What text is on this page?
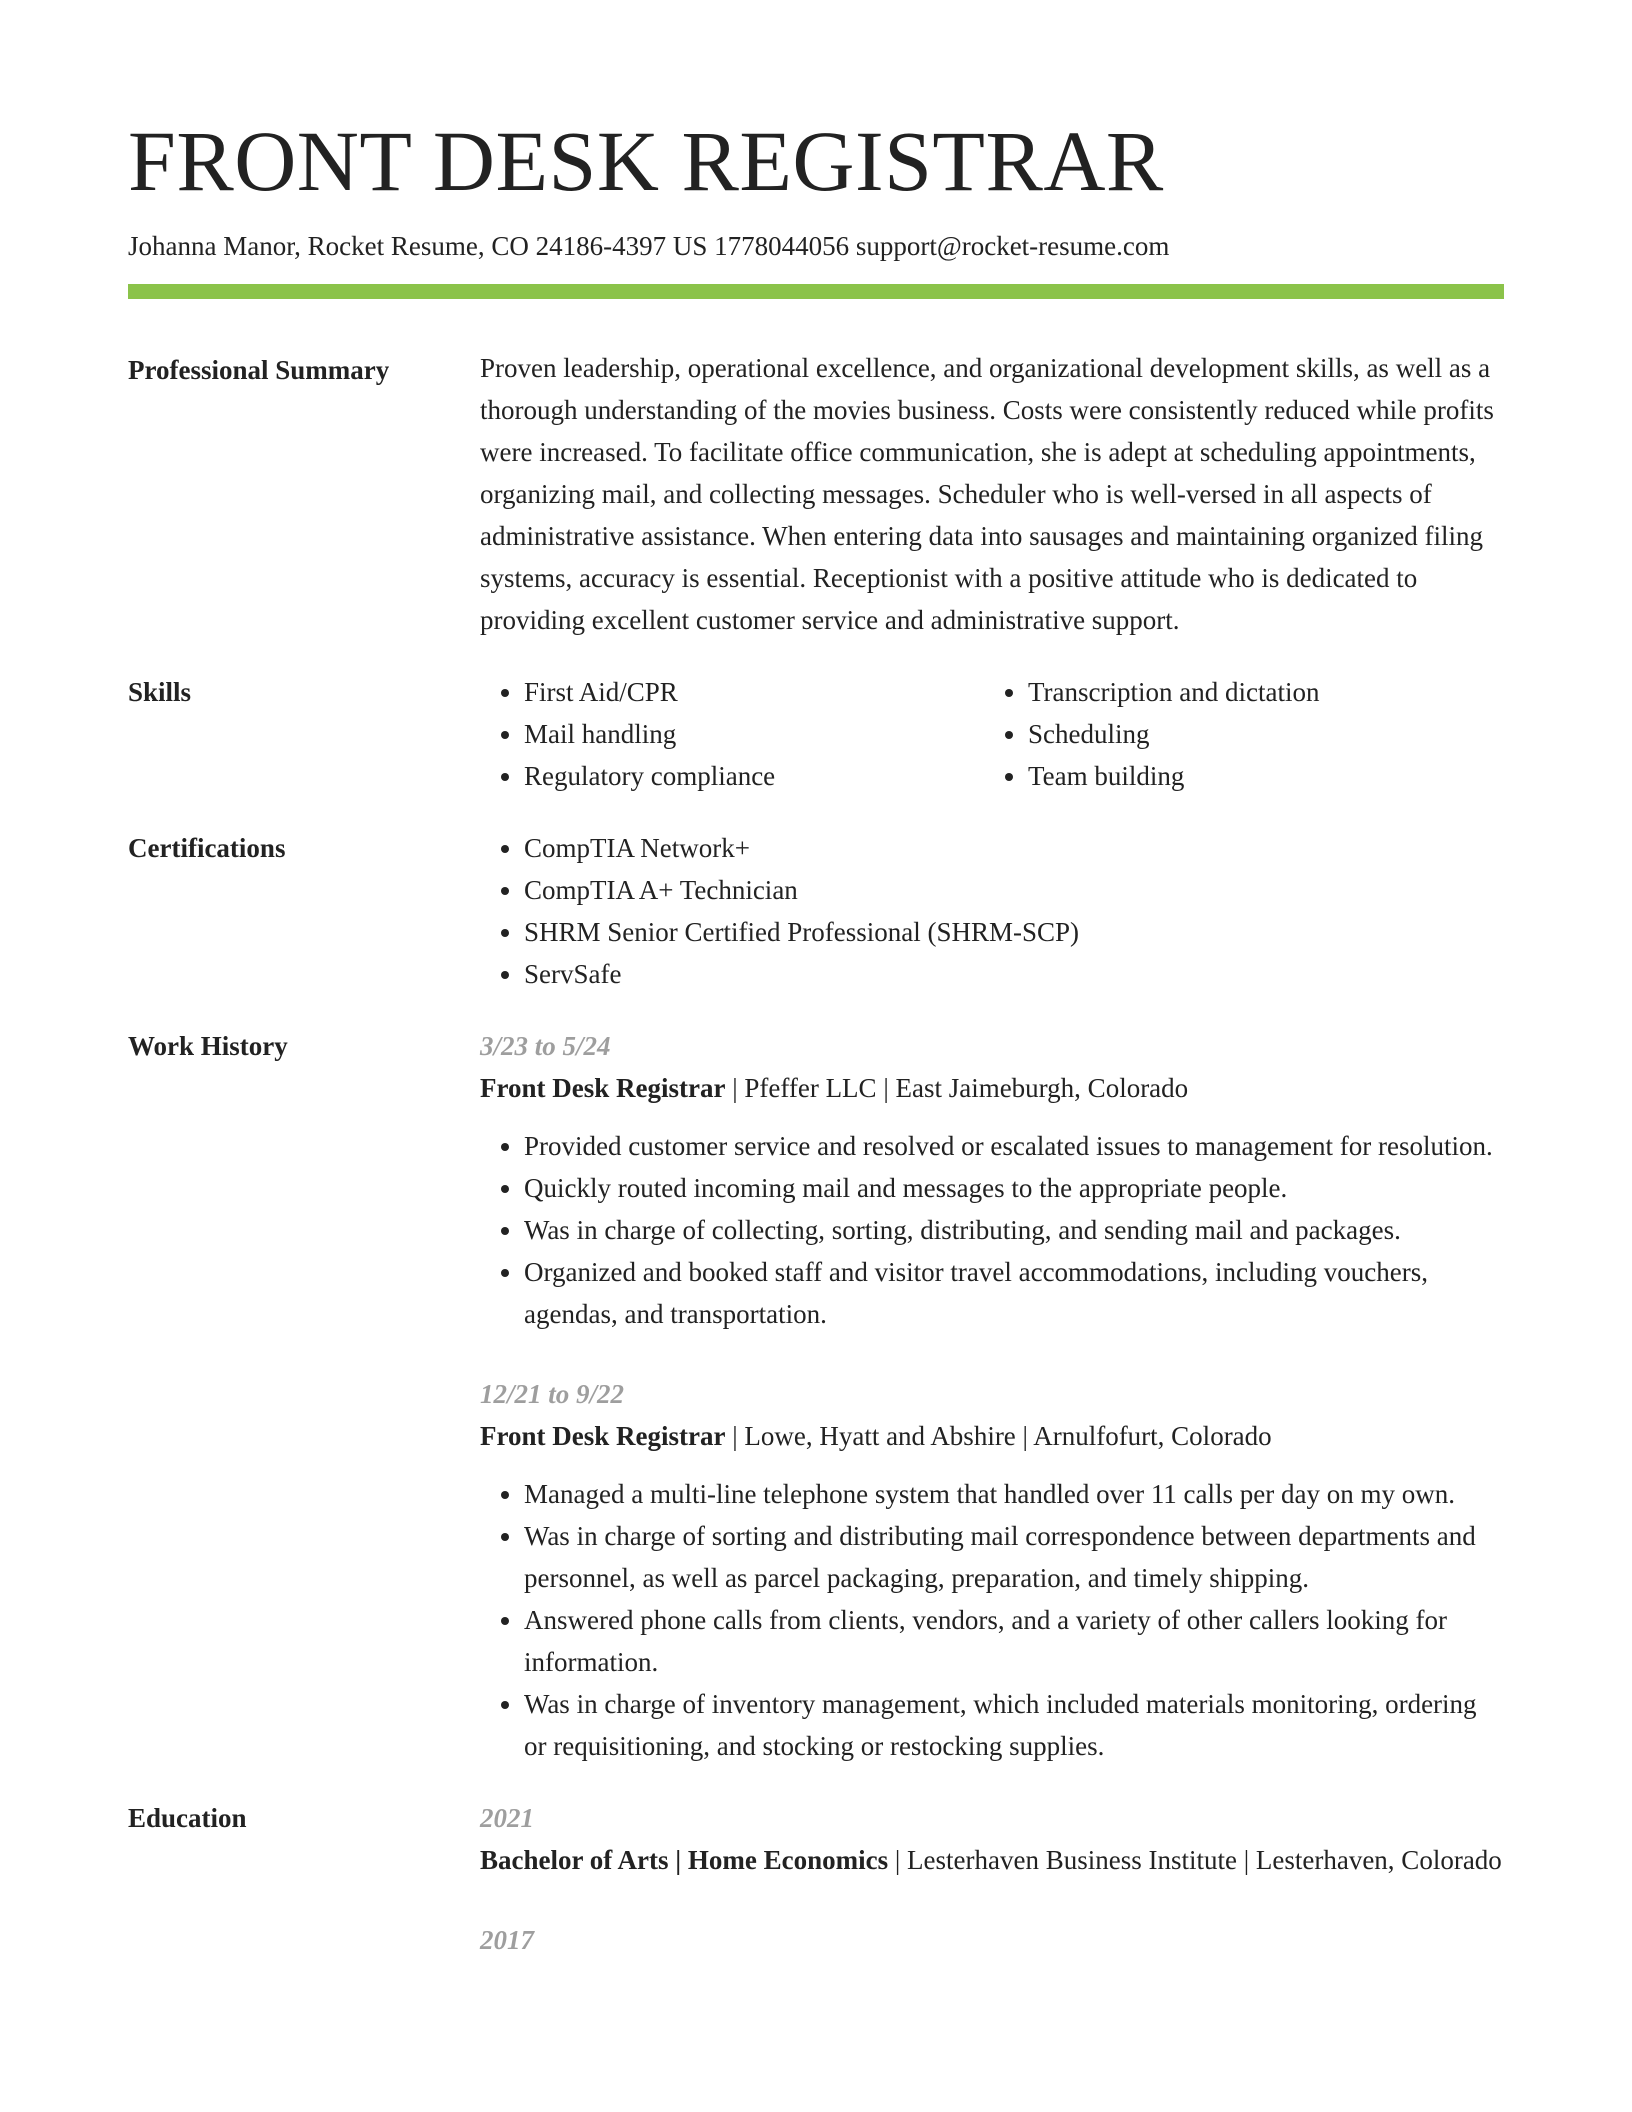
FRONT DESK REGISTRAR
Johanna Manor, Rocket Resume, CO 24186-4397 US 1778044056 support@rocket-resume.com
Professional Summary	Proven leadership, operational excellence, and organizational development skills, as well as a thorough understanding of the movies business. Costs were consistently reduced while profits were increased. To facilitate office communication, she is adept at scheduling appointments, organizing mail, and collecting messages. Scheduler who is well-versed in all aspects of administrative assistance. When entering data into sausages and maintaining organized filing systems, accuracy is essential. Receptionist with a positive attitude who is dedicated to providing excellent customer service and administrative support.

Skills	• First Aid/CPR
• Mail handling
• Regulatory compliance
• Transcription and dictation
• Scheduling
• Team building
Certifications	• CompTIA Network+
• CompTIA A+ Technician
• SHRM Senior Certified Professional (SHRM-SCP)
• ServSafe
Work History	3/23 to 5/24
Front Desk Registrar | Pfeffer LLC | East Jaimeburgh, Colorado
• Provided customer service and resolved or escalated issues to management for resolution.
• Quickly routed incoming mail and messages to the appropriate people.
• Was in charge of collecting, sorting, distributing, and sending mail and packages.
• Organized and booked staff and visitor travel accommodations, including vouchers, agendas, and transportation.
12/21 to 9/22
Front Desk Registrar | Lowe, Hyatt and Abshire | Arnulfofurt, Colorado
• Managed a multi-line telephone system that handled over 11 calls per day on my own.
• Was in charge of sorting and distributing mail correspondence between departments and personnel, as well as parcel packaging, preparation, and timely shipping.
• Answered phone calls from clients, vendors, and a variety of other callers looking for information.
• Was in charge of inventory management, which included materials monitoring, ordering or requisitioning, and stocking or restocking supplies.
Education	2021
Bachelor of Arts | Home Economics | Lesterhaven Business Institute | Lesterhaven, Colorado
2017
